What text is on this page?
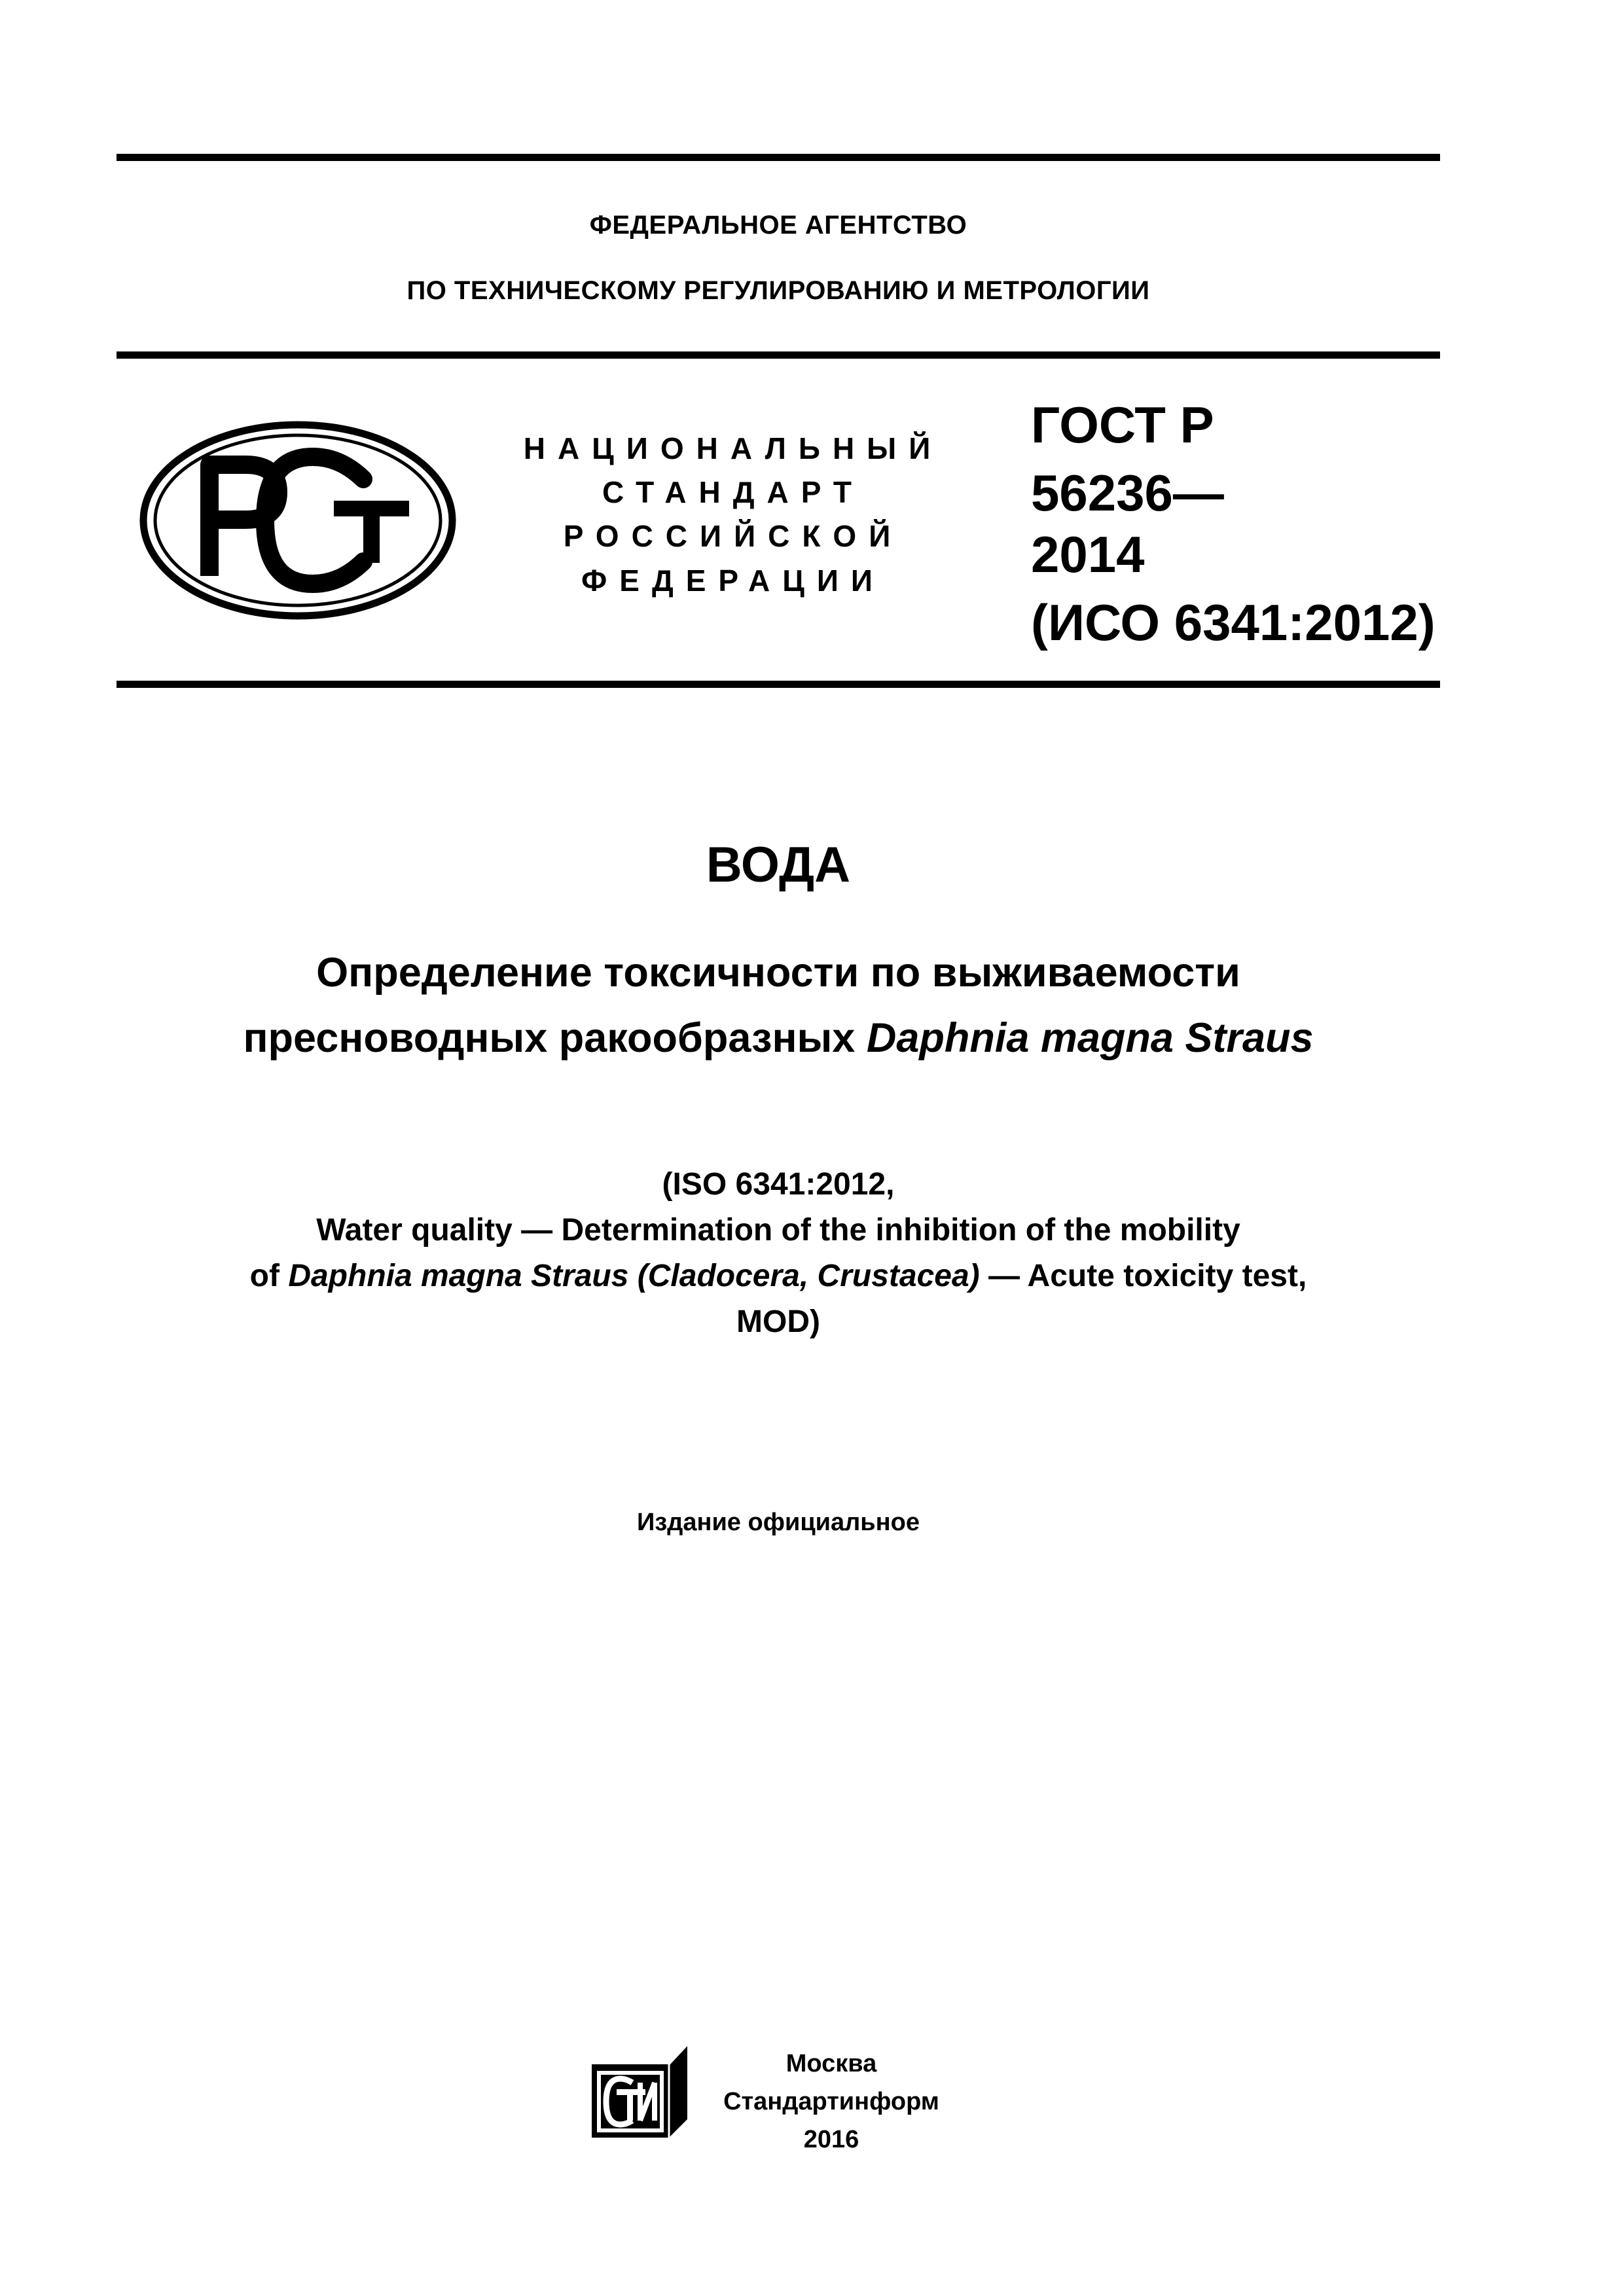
ФЕДЕРАЛЬНОЕ АГЕНТСТВО
ПО ТЕХНИЧЕСКОМУ РЕГУЛИРОВАНИЮ И МЕТРОЛОГИИ
НАЦИОНАЛЬНЫЙ
СТАНДАРТ
РОССИЙСКОЙ
ФЕДЕРАЦИИ
ГОСТ Р
56236—
2014
(ИСО 6341:2012)
ВОДА
Определение токсичности по выживаемости
пресноводных ракообразных Daphnia magna Straus
(ISO 6341:2012,
Water quality — Determination of the inhibition of the mobility
of Daphnia magna Straus (Cladocera, Crustacea) — Acute toxicity test,
MOD)
Издание официальное
Москва
Стандартинформ
2016
